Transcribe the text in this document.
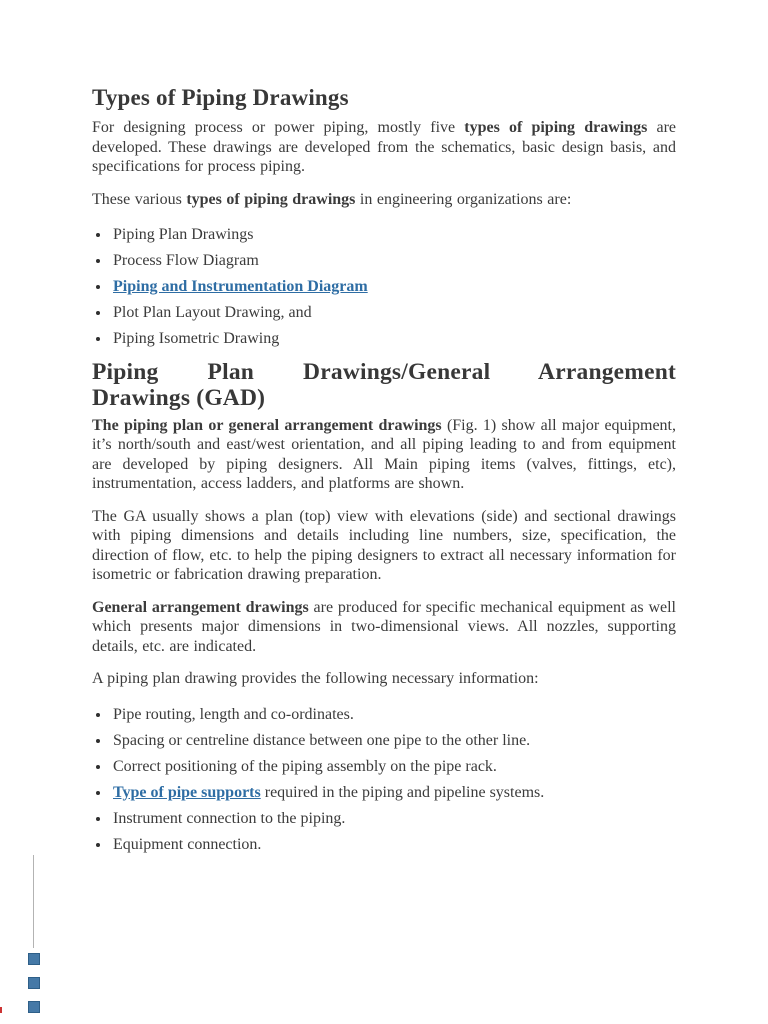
Types of Piping Drawings

For designing process or power piping, mostly five types of piping drawings are developed. These drawings are developed from the schematics, basic design basis, and specifications for process piping.

These various types of piping drawings in engineering organizations are:

Piping Plan Drawings
Process Flow Diagram
Piping and Instrumentation Diagram
Plot Plan Layout Drawing, and
Piping Isometric Drawing
Piping Plan Drawings/General Arrangement
Drawings (GAD)

The piping plan or general arrangement drawings (Fig. 1) show all major equipment, it’s north/south and east/west orientation, and all piping leading to and from equipment are developed by piping designers. All Main piping items (valves, fittings, etc), instrumentation, access ladders, and platforms are shown.

The GA usually shows a plan (top) view with elevations (side) and sectional drawings with piping dimensions and details including line numbers, size, specification, the direction of flow, etc. to help the piping designers to extract all necessary information for isometric or fabrication drawing preparation.

General arrangement drawings are produced for specific mechanical equipment as well which presents major dimensions in two-dimensional views. All nozzles, supporting details, etc. are indicated.

A piping plan drawing provides the following necessary information:

Pipe routing, length and co-ordinates.
Spacing or centreline distance between one pipe to the other line.
Correct positioning of the piping assembly on the pipe rack.
Type of pipe supports required in the piping and pipeline systems.
Instrument connection to the piping.
Equipment connection.
